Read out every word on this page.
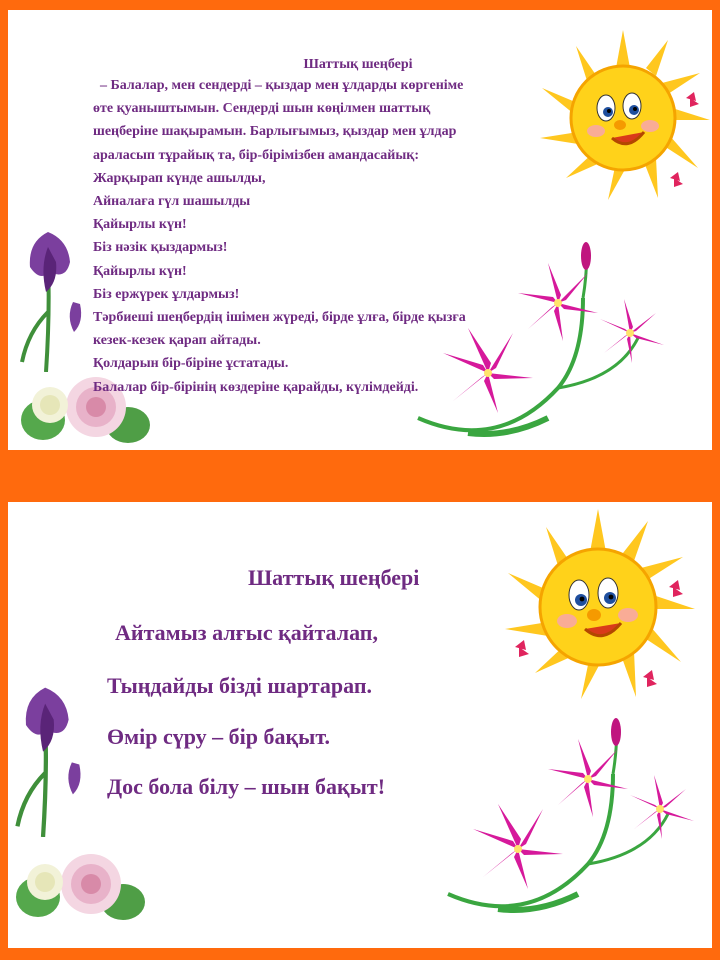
Шаттық шеңбері
– Балалар, мен сендерді – қыздар мен ұлдарды көргеніме
өте қуаныштымын. Сендерді шын көңілмен шаттық
шеңберіне шақырамын. Барлығымыз, қыздар мен ұлдар
араласып тұрайық та, бір-бірімізбен амандасайық:
Жарқырап күнде ашылды,
Айналаға гүл шашылды
Қайырлы күн!
Біз нәзік қыздармыз!
Қайырлы күн!
Біз ержүрек ұлдармыз!
Тәрбиеші шеңбердің ішімен жүреді, бірде ұлға, бірде қызға
кезек-кезек қарап айтады.
Қолдарын бір-біріне ұстатады.
Балалар бір-бірінің көздеріне қарайды, күлімдейді.
Шаттық шеңбері
Айтамыз алғыс қайталап,
Тыңдайды бізді шартарап.
Өмір сүру – бір бақыт.
Дос бола білу – шын бақыт!
